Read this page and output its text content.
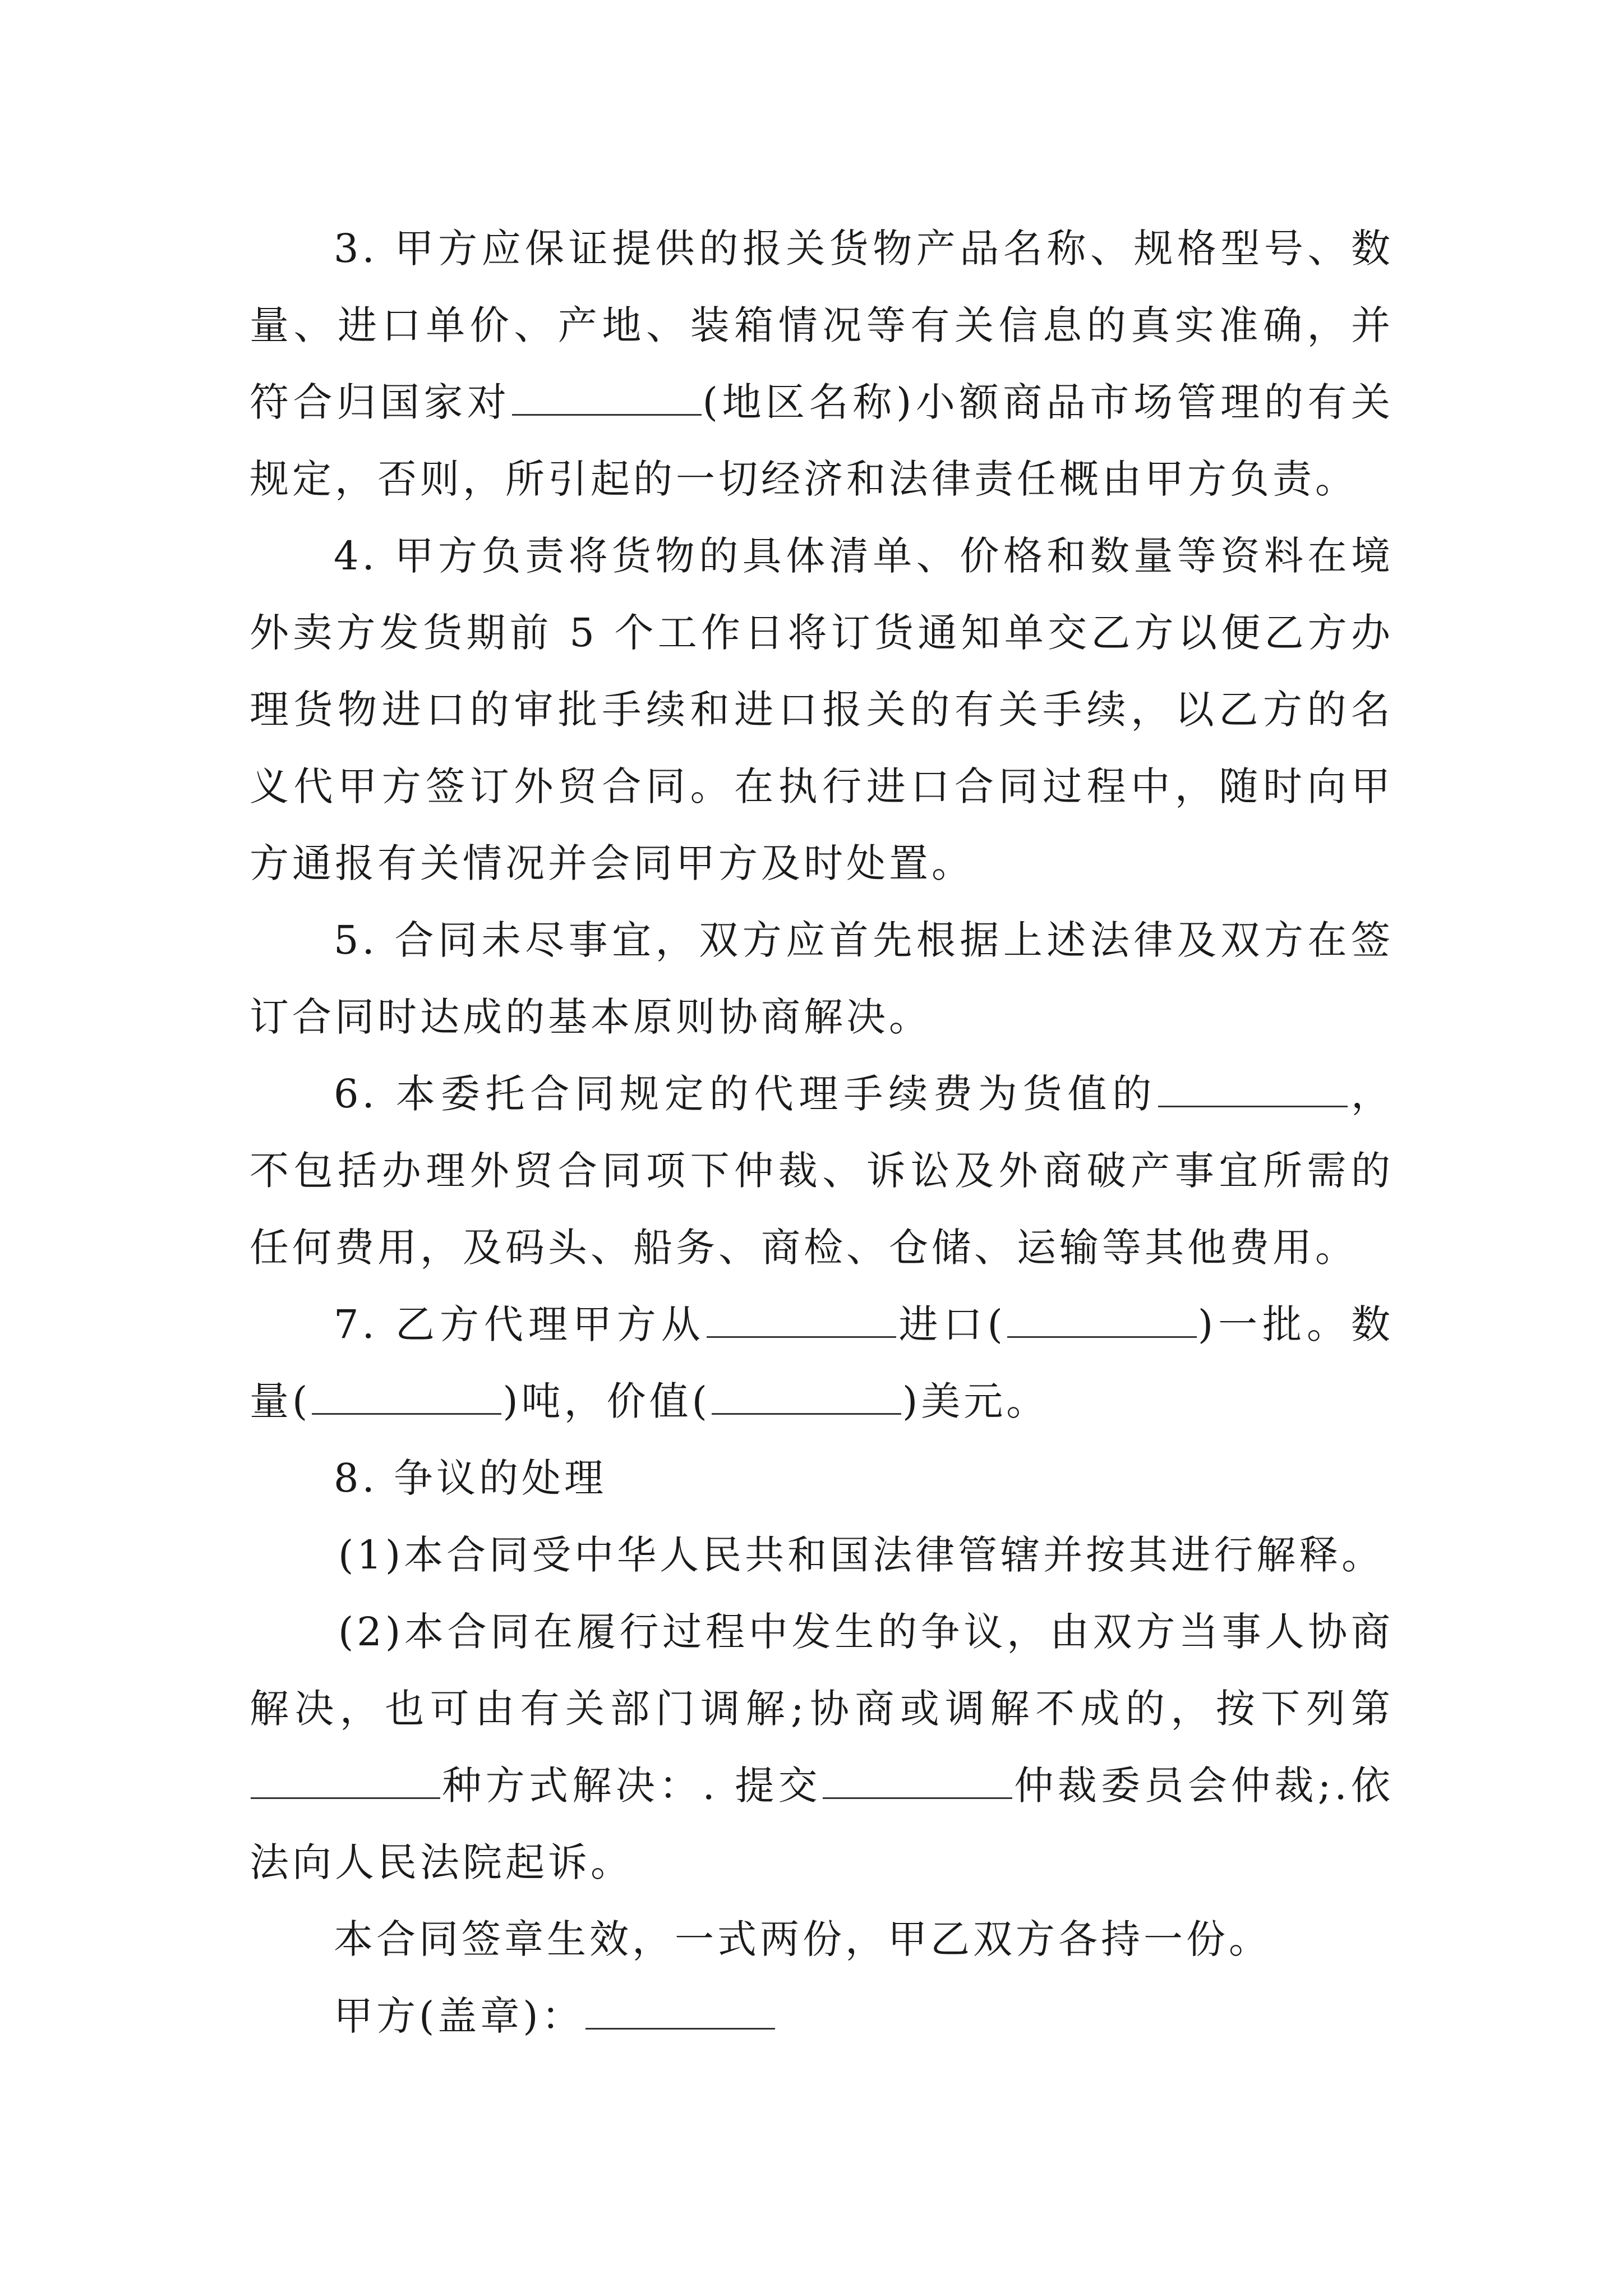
3. 甲方应保证提供的报关货物产品名称、规格型号、数量、进口单价、产地、装箱情况等有关信息的真实准确，并符合归国家对	(地区名称)小额商品市场管理的有关规定，否则，所引起的一切经济和法律责任概由甲方负责。

4. 甲方负责将货物的具体清单、价格和数量等资料在境外卖方发货期前 5 个工作日将订货通知单交乙方以便乙方办理货物进口的审批手续和进口报关的有关手续，以乙方的名义代甲方签订外贸合同。在执行进口合同过程中，随时向甲方通报有关情况并会同甲方及时处置。

5. 合同未尽事宜，双方应首先根据上述法律及双方在签订合同时达成的基本原则协商解决。

6. 本委托合同规定的代理手续费为货值的	，不包括办理外贸合同项下仲裁、诉讼及外商破产事宜所需的任何费用，及码头、船务、商检、仓储、运输等其他费用。

7. 乙方代理甲方从	进口(	)一批。数量(	)吨，价值(	)美元。

8. 争议的处理

(1)本合同受中华人民共和国法律管辖并按其进行解释。

(2)本合同在履行过程中发生的争议，由双方当事人协商解决，也可由有关部门调解;协商或调解不成的，按下列第种方式解决：. 提交	仲裁委员会仲裁;.依法向人民法院起诉。

本合同签章生效，一式两份，甲乙双方各持一份。

甲方(盖章)：
